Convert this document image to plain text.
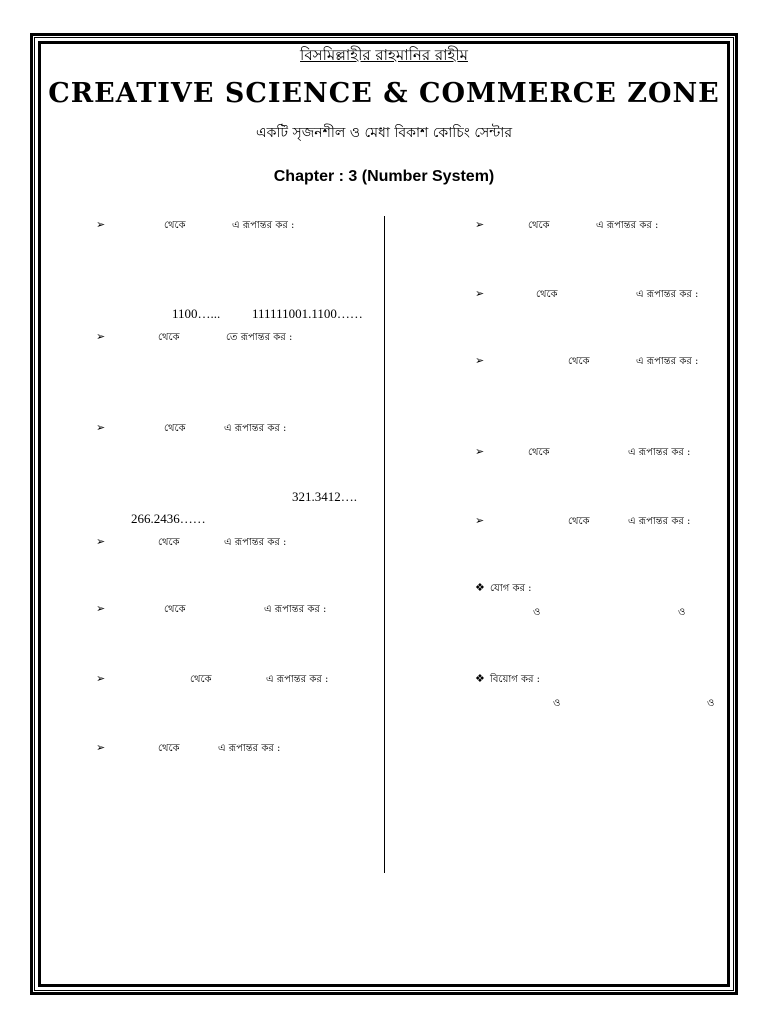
বিসমিল্লাহীর রাহমানির রাহীম
CREATIVE SCIENCE & COMMERCE ZONE
একটি সৃজনশীল ও মেধা বিকাশ কোচিং সেন্টার
Chapter : 3 (Number System)
➢	থেকে	এ রূপান্তর কর :
1100…... 111111001.1100……
➢	থেকে	তে রূপান্তর কর :
➢	থেকে	এ রূপান্তর কর :
321.3412….
266.2436……
➢	থেকে	এ রূপান্তর কর :
➢	থেকে	এ রূপান্তর কর :
➢	থেকে	এ রূপান্তর কর :
➢	থেকে	এ রূপান্তর কর :
➢	থেকে	এ রূপান্তর কর :
➢	থেকে	এ রূপান্তর কর :
➢	থেকে	এ রূপান্তর কর :
➢	থেকে	এ রূপান্তর কর :
➢	থেকে	এ রূপান্তর কর :
❖ যোগ কর :
ও	ও
❖ বিয়োগ কর :
ও	ও
